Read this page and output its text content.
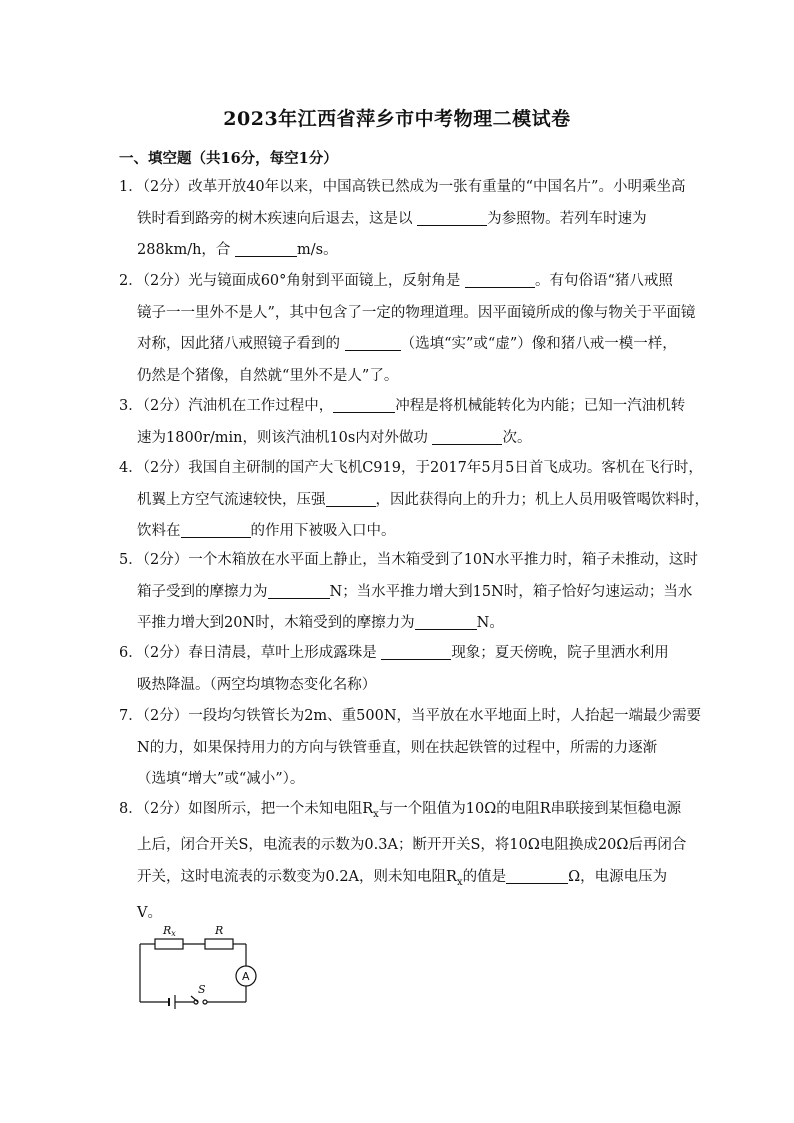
2023年江西省萍乡市中考物理二模试卷
一、填空题（共16分，每空1分）
1．（2分）改革开放40年以来，中国高铁已然成为一张有重量的“中国名片”。小明乘坐高
铁时看到路旁的树木疾速向后退去，这是以	为参照物。若列车时速为
288km/h，合	m/s。
2．（2分）光与镜面成60°角射到平面镜上，反射角是	。有句俗语“猪八戒照
镜子一一里外不是人”，其中包含了一定的物理道理。因平面镜所成的像与物关于平面镜
对称，因此猪八戒照镜子看到的	（选填“实”或“虚”）像和猪八戒一模一样，
仍然是个猪像，自然就“里外不是人”了。
3．（2分）汽油机在工作过程中，	冲程是将机械能转化为内能；已知一汽油机转
速为1800r/min，则该汽油机10s内对外做功	次。
4．（2分）我国自主研制的国产大飞机C919，于2017年5月5日首飞成功。客机在飞行时，
机翼上方空气流速较快，压强	，因此获得向上的升力；机上人员用吸管喝饮料时，
饮料在	的作用下被吸入口中。
5．（2分）一个木箱放在水平面上静止，当木箱受到了10N水平推力时，箱子未推动，这时
箱子受到的摩擦力为	N；当水平推力增大到15N时，箱子恰好匀速运动；当水
平推力增大到20N时，木箱受到的摩擦力为	N。
6．（2分）春日清晨，草叶上形成露珠是	现象；夏天傍晚，院子里洒水利用
吸热降温。（两空均填物态变化名称）
7．（2分）一段均匀铁管长为2m、重500N，当平放在水平地面上时，人抬起一端最少需要
N的力，如果保持用力的方向与铁管垂直，则在扶起铁管的过程中，所需的力逐渐
（选填“增大”或“减小”）。
8．（2分）如图所示，把一个未知电阻$R_x$与一个阻值为10Ω的电阻R串联接到某恒稳电源
上后，闭合开关S，电流表的示数为0.3A；断开开关S，将10Ω电阻换成20Ω后再闭合
开关，这时电流表的示数变为0.2A，则未知电阻$R_x$的值是	Ω，电源电压为
V。
Rx	R
S
A
